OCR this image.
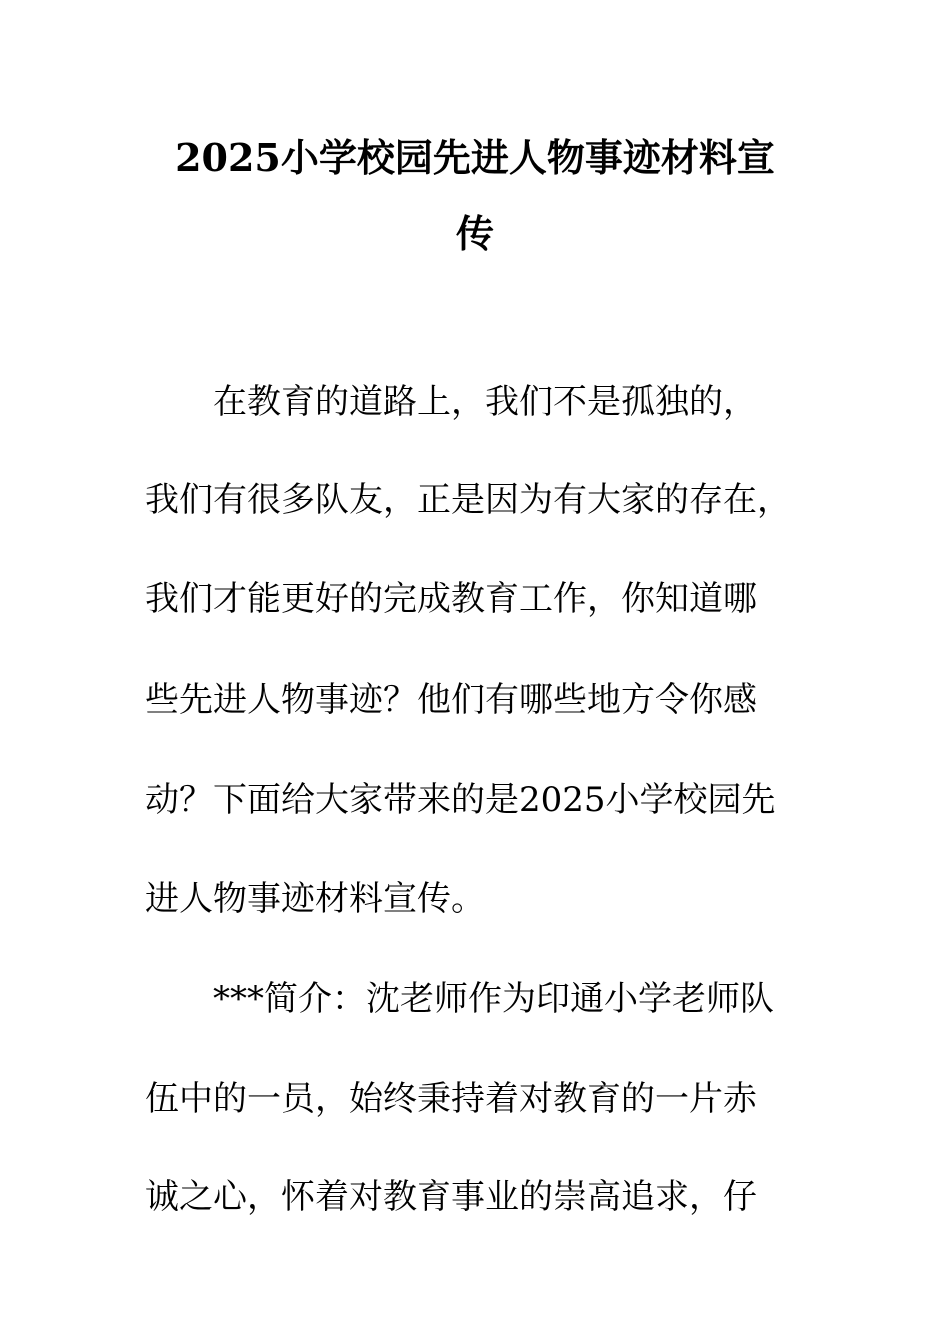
2025小学校园先进人物事迹材料宣
传

在教育的道路上，我们不是孤独的，

我们有很多队友，正是因为有大家的存在，

我们才能更好的完成教育工作，你知道哪

些先进人物事迹？他们有哪些地方令你感

动？下面给大家带来的是2025小学校园先

进人物事迹材料宣传。

***简介：沈老师作为印通小学老师队

伍中的一员，始终秉持着对教育的一片赤

诚之心，怀着对教育事业的崇高追求，仔
